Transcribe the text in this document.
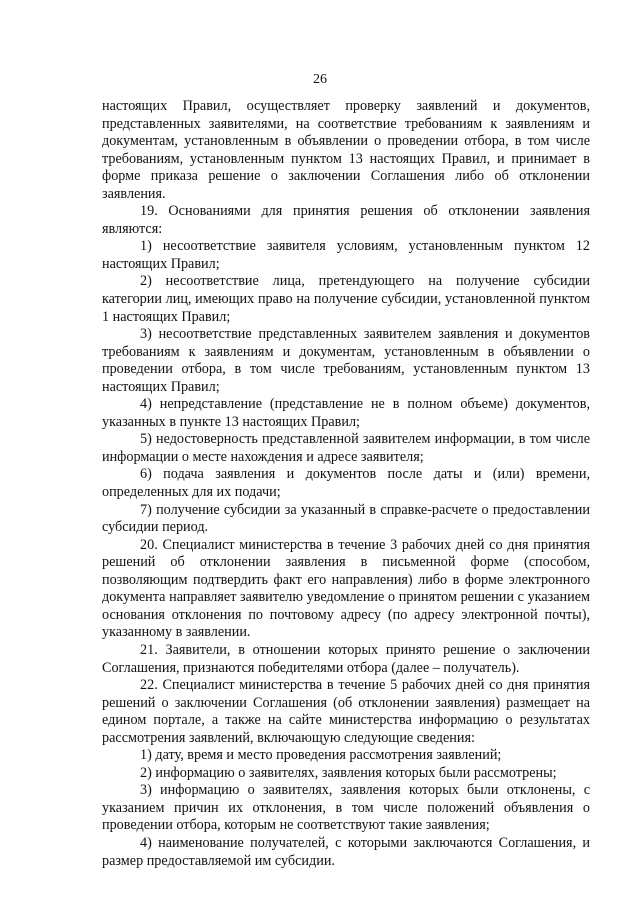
26

настоящих Правил, осуществляет проверку заявлений и документов, представленных заявителями, на соответствие требованиям к заявлениям и документам, установленным в объявлении о проведении отбора, в том числе требованиям, установленным пунктом 13 настоящих Правил, и принимает в форме приказа решение о заключении Соглашения либо об отклонении заявления.

19. Основаниями для принятия решения об отклонении заявления являются:

1) несоответствие заявителя условиям, установленным пунктом 12 настоящих Правил;

2) несоответствие лица, претендующего на получение субсидии категории лиц, имеющих право на получение субсидии, установленной пунктом 1 настоящих Правил;

3) несоответствие представленных заявителем заявления и документов требованиям к заявлениям и документам, установленным в объявлении о проведении отбора, в том числе требованиям, установленным пунктом 13 настоящих Правил;

4) непредставление (представление не в полном объеме) документов, указанных в пункте 13 настоящих Правил;

5) недостоверность представленной заявителем информации, в том числе информации о месте нахождения и адресе заявителя;

6) подача заявления и документов после даты и (или) времени, определенных для их подачи;

7) получение субсидии за указанный в справке-расчете о предоставлении субсидии период.

20. Специалист министерства в течение 3 рабочих дней со дня принятия решений об отклонении заявления в письменной форме (способом, позволяющим подтвердить факт его направления) либо в форме электронного документа направляет заявителю уведомление о принятом решении с указанием основания отклонения по почтовому адресу (по адресу электронной почты), указанному в заявлении.

21. Заявители, в отношении которых принято решение о заключении Соглашения, признаются победителями отбора (далее – получатель).

22. Специалист министерства в течение 5 рабочих дней со дня принятия решений о заключении Соглашения (об отклонении заявления) размещает на едином портале, а также на сайте министерства информацию о результатах рассмотрения заявлений, включающую следующие сведения:

1) дату, время и место проведения рассмотрения заявлений;

2) информацию о заявителях, заявления которых были рассмотрены;

3) информацию о заявителях, заявления которых были отклонены, с указанием причин их отклонения, в том числе положений объявления о проведении отбора, которым не соответствуют такие заявления;

4) наименование получателей, с которыми заключаются Соглашения, и размер предоставляемой им субсидии.
